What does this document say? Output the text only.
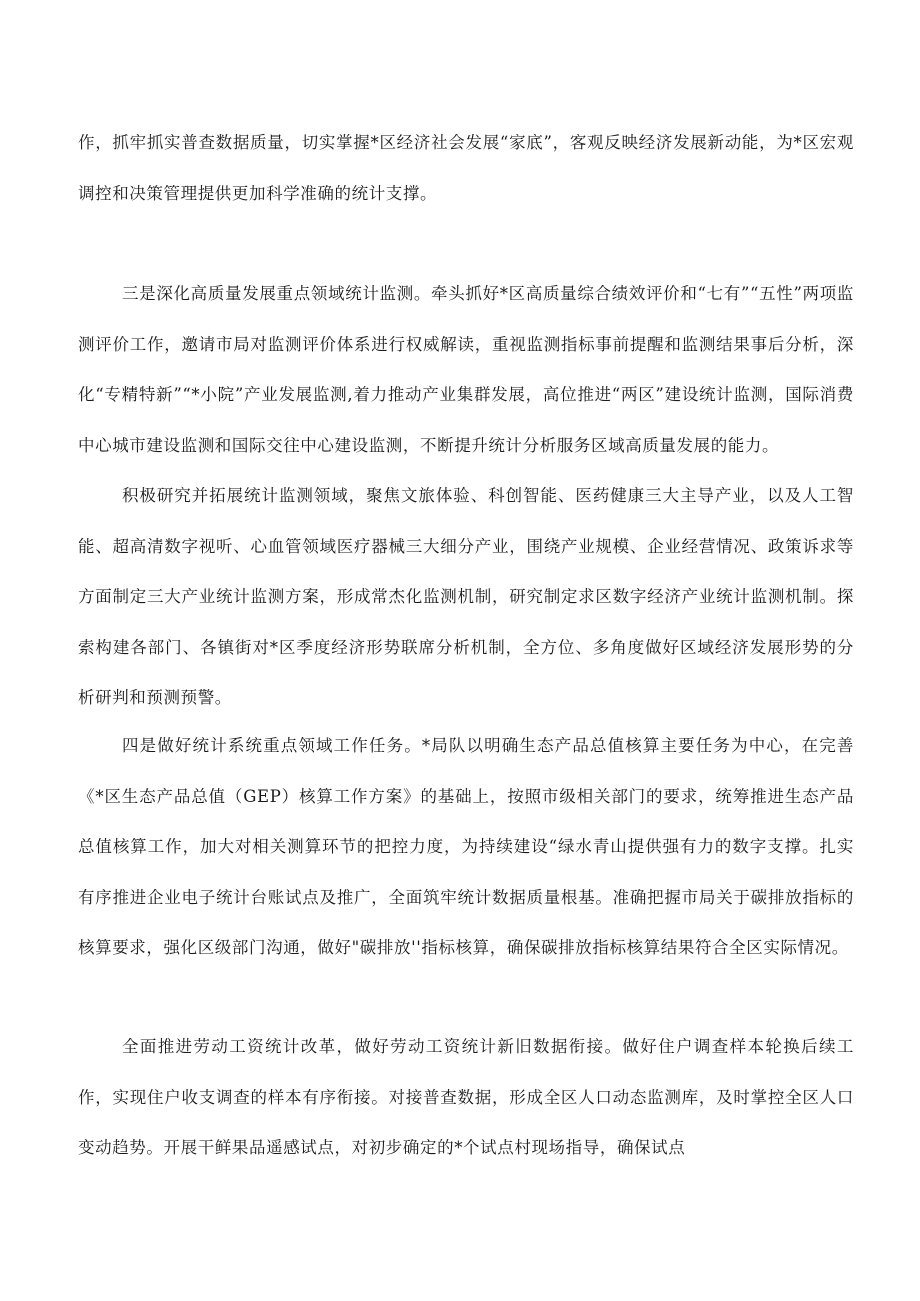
作，抓牢抓实普查数据质量，切实掌握*区经济社会发展“家底”，客观反映经济发展新动能，为*区宏观调控和决策管理提供更加科学准确的统计支撑。

三是深化高质量发展重点领域统计监测。牵头抓好*区高质量综合绩效评价和“七有”“五性”两项监测评价工作，邀请市局对监测评价体系进行权威解读，重视监测指标事前提醒和监测结果事后分析，深化“专精特新”“*小院”产业发展监测,着力推动产业集群发展，高位推进“两区”建设统计监测，国际消费中心城市建设监测和国际交往中心建设监测，不断提升统计分析服务区域高质量发展的能力。

积极研究并拓展统计监测领域，聚焦文旅体验、科创智能、医药健康三大主导产业，以及人工智能、超高清数字视听、心血管领域医疗器械三大细分产业，围绕产业规模、企业经营情况、政策诉求等方面制定三大产业统计监测方案，形成常杰化监测机制，研究制定求区数字经济产业统计监测机制。探索构建各部门、各镇街对*区季度经济形势联席分析机制，全方位、多角度做好区域经济发展形势的分析研判和预测预警。

四是做好统计系统重点领域工作任务。*局队以明确生态产品总值核算主要任务为中心，在完善《*区生态产品总值（GEP）核算工作方案》的基础上，按照市级相关部门的要求，统筹推进生态产品总值核算工作，加大对相关测算环节的把控力度，为持续建设“绿水青山提供强有力的数字支撑。扎实有序推进企业电子统计台账试点及推广，全面筑牢统计数据质量根基。准确把握市局关于碳排放指标的核算要求，强化区级部门沟通，做好"碳排放''指标核算，确保碳排放指标核算结果符合全区实际情况。

全面推进劳动工资统计改革，做好劳动工资统计新旧数据衔接。做好住户调查样本轮换后续工作，实现住户收支调查的样本有序衔接。对接普查数据，形成全区人口动态监测库，及时掌控全区人口变动趋势。开展干鲜果品遥感试点，对初步确定的*个试点村现场指导，确保试点
